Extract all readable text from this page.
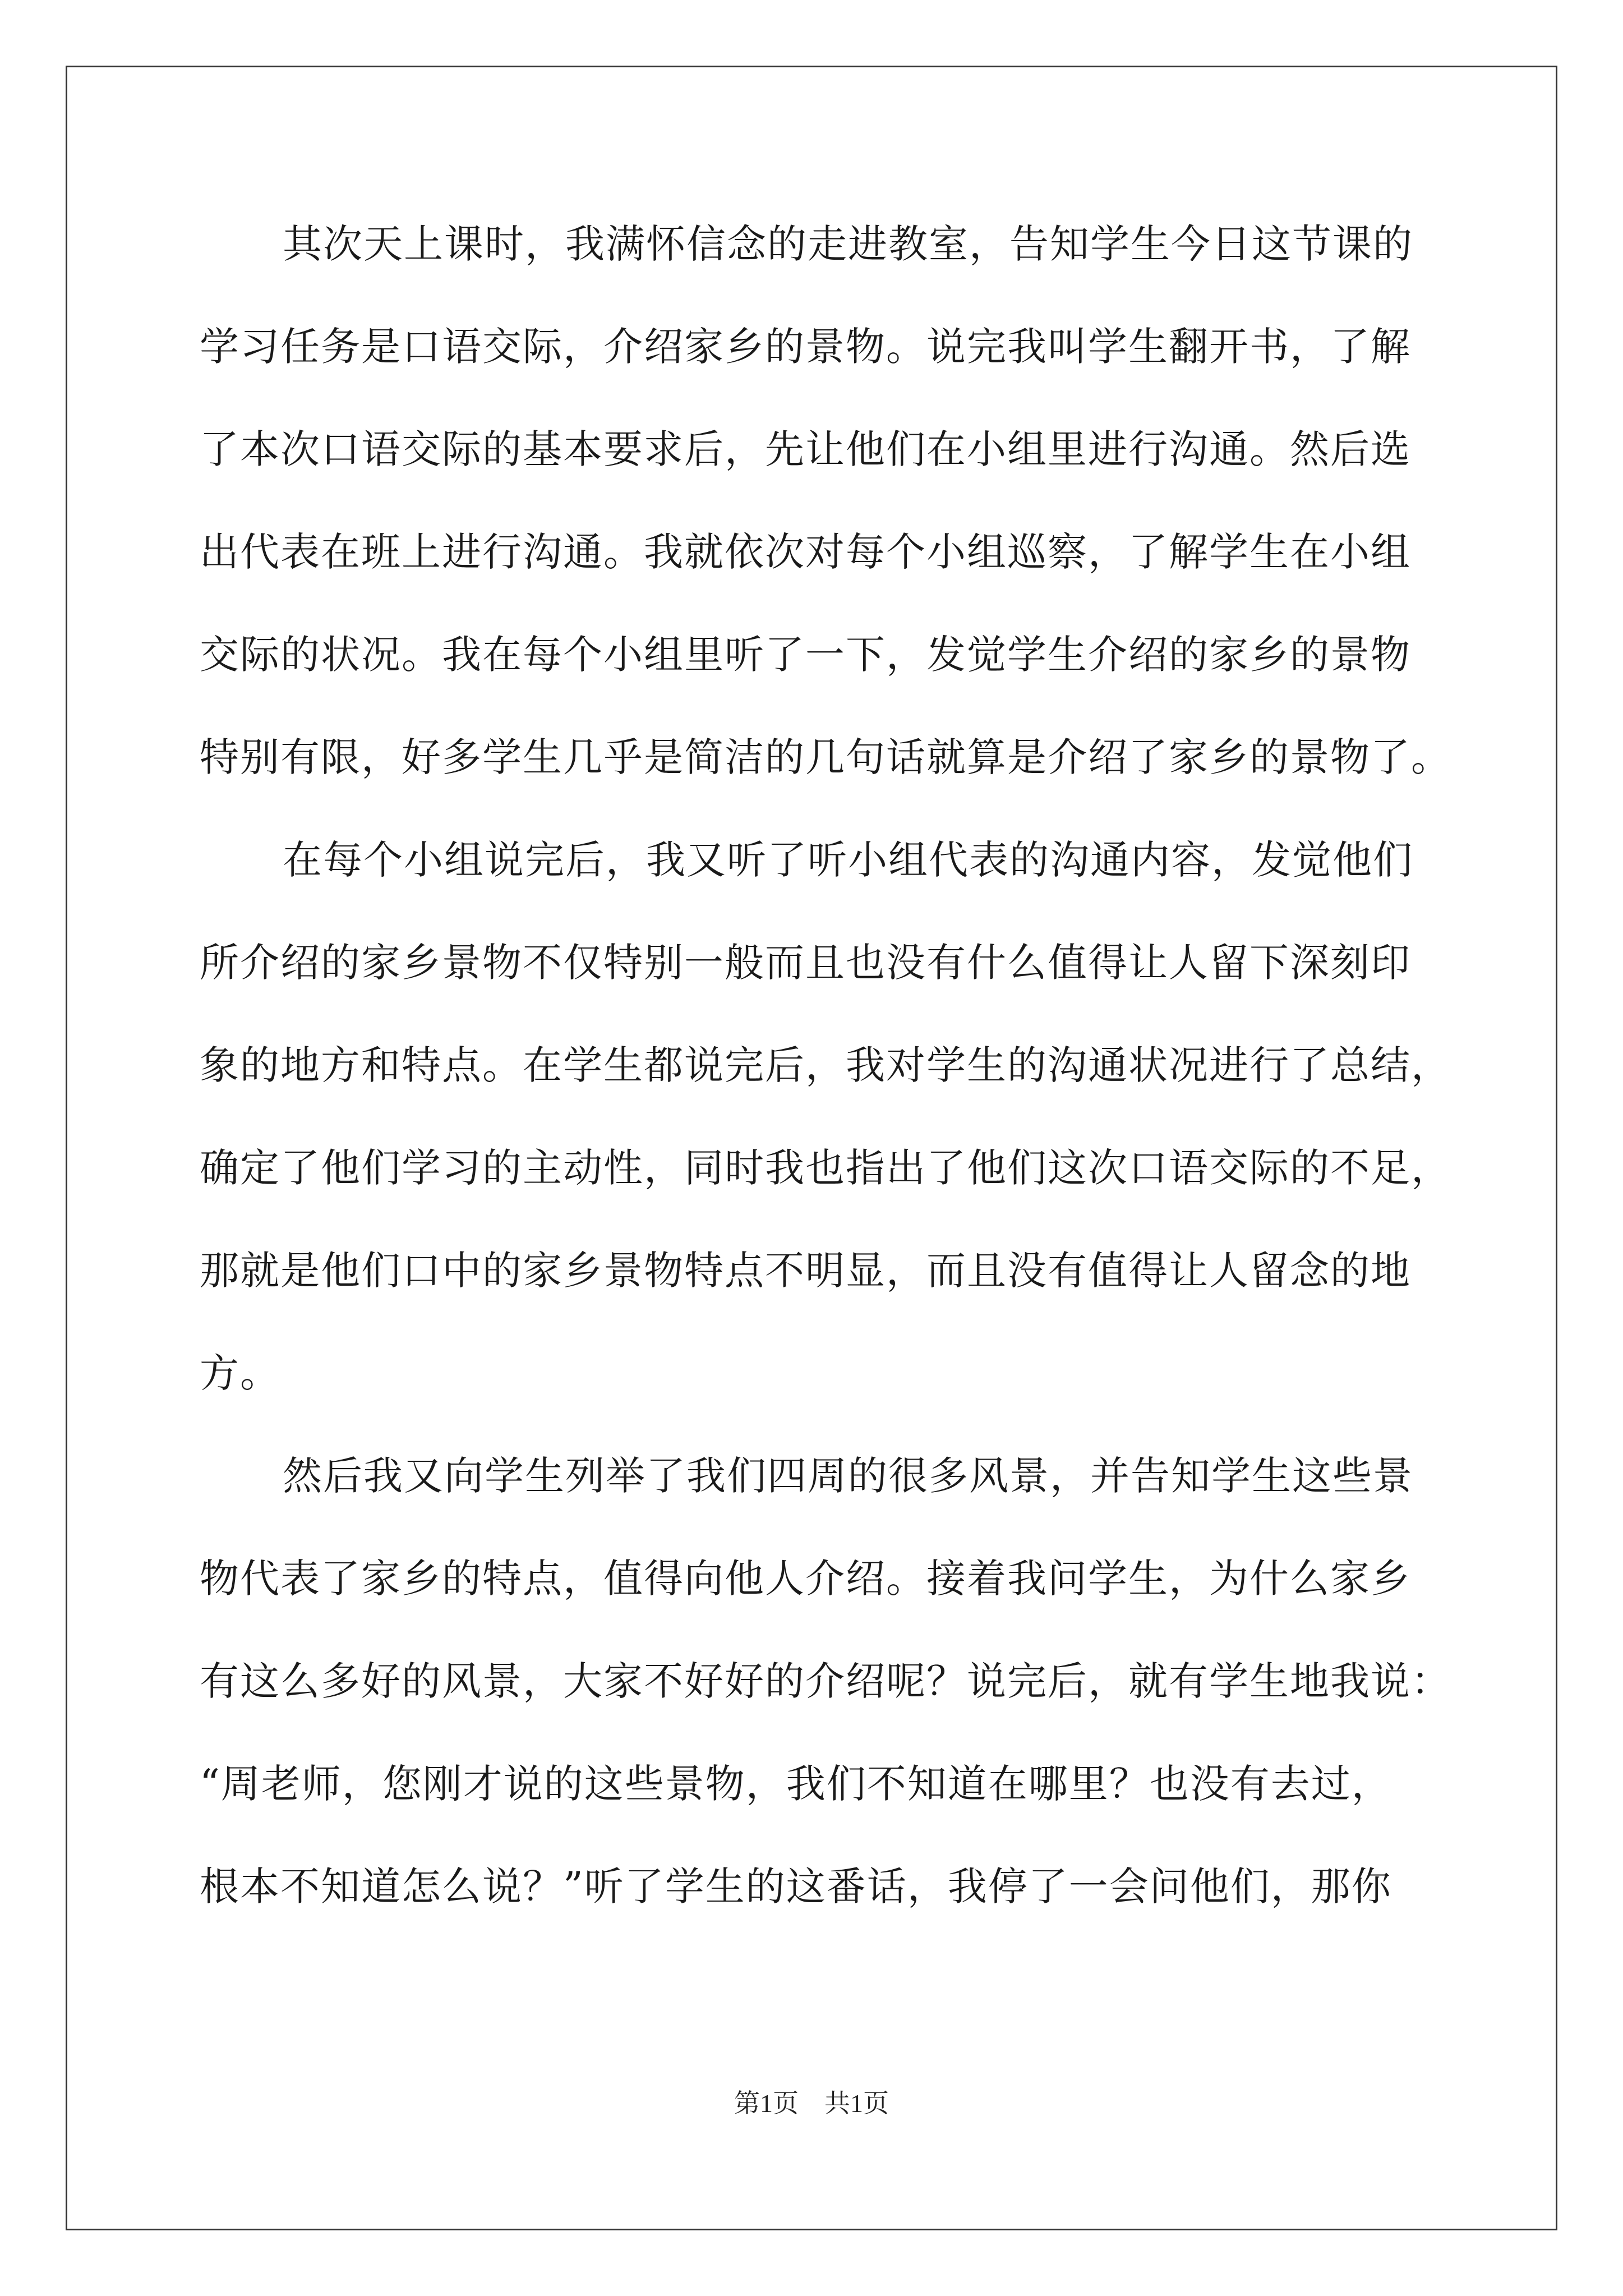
其次天上课时，我满怀信念的走进教室，告知学生今日这节课的
学习任务是口语交际，介绍家乡的景物。说完我叫学生翻开书，了解
了本次口语交际的基本要求后，先让他们在小组里进行沟通。然后选
出代表在班上进行沟通。我就依次对每个小组巡察，了解学生在小组
交际的状况。我在每个小组里听了一下，发觉学生介绍的家乡的景物
特别有限，好多学生几乎是简洁的几句话就算是介绍了家乡的景物了。
在每个小组说完后，我又听了听小组代表的沟通内容，发觉他们
所介绍的家乡景物不仅特别一般而且也没有什么值得让人留下深刻印
象的地方和特点。在学生都说完后，我对学生的沟通状况进行了总结，
确定了他们学习的主动性，同时我也指出了他们这次口语交际的不足，
那就是他们口中的家乡景物特点不明显，而且没有值得让人留念的地
方。
然后我又向学生列举了我们四周的很多风景，并告知学生这些景
物代表了家乡的特点，值得向他人介绍。接着我问学生，为什么家乡
有这么多好的风景，大家不好好的介绍呢？说完后，就有学生地我说：
“周老师，您刚才说的这些景物，我们不知道在哪里？也没有去过，
根本不知道怎么说？”听了学生的这番话，我停了一会问他们，那你
第1页　共1页
